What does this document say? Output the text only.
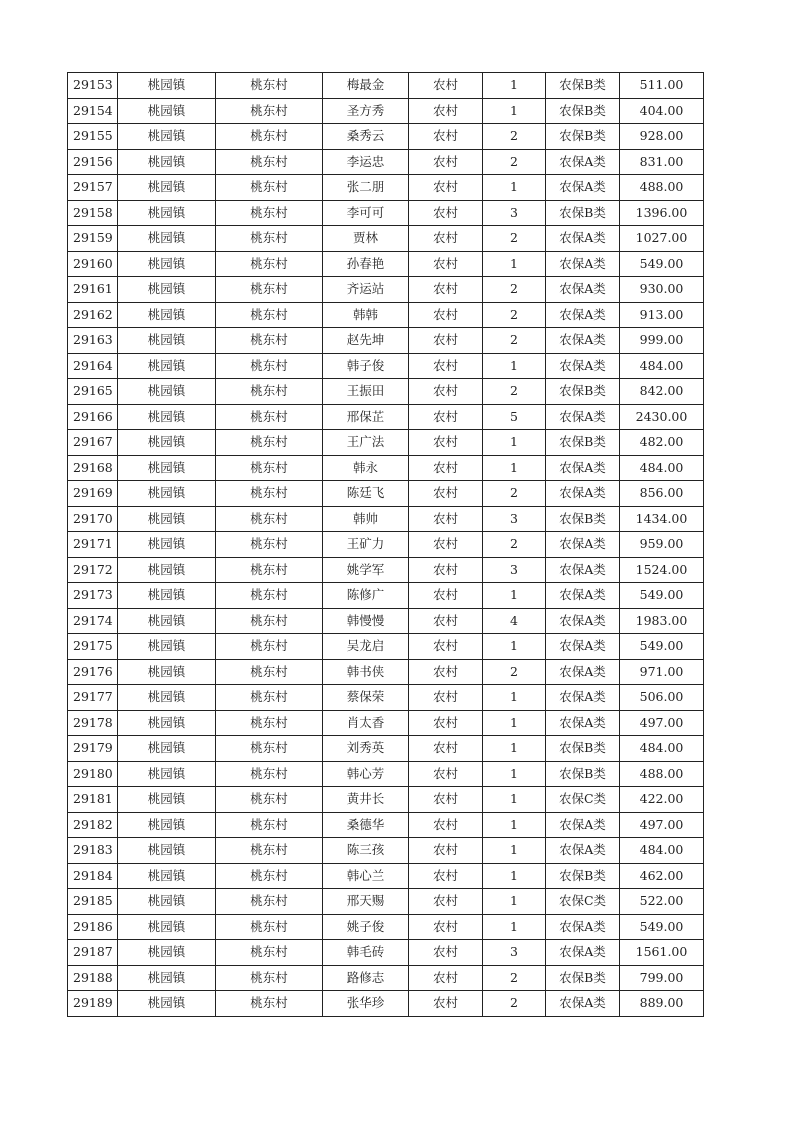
29153	桃园镇	桃东村	梅最金	农村	1	农保B类	511.00
29154	桃园镇	桃东村	圣方秀	农村	1	农保B类	404.00
29155	桃园镇	桃东村	桑秀云	农村	2	农保B类	928.00
29156	桃园镇	桃东村	李运忠	农村	2	农保A类	831.00
29157	桃园镇	桃东村	张二朋	农村	1	农保A类	488.00
29158	桃园镇	桃东村	李可可	农村	3	农保B类	1396.00
29159	桃园镇	桃东村	贾林	农村	2	农保A类	1027.00
29160	桃园镇	桃东村	孙春艳	农村	1	农保A类	549.00
29161	桃园镇	桃东村	齐运站	农村	2	农保A类	930.00
29162	桃园镇	桃东村	韩韩	农村	2	农保A类	913.00
29163	桃园镇	桃东村	赵先坤	农村	2	农保A类	999.00
29164	桃园镇	桃东村	韩子俊	农村	1	农保A类	484.00
29165	桃园镇	桃东村	王振田	农村	2	农保B类	842.00
29166	桃园镇	桃东村	邢保芷	农村	5	农保A类	2430.00
29167	桃园镇	桃东村	王广法	农村	1	农保B类	482.00
29168	桃园镇	桃东村	韩永	农村	1	农保A类	484.00
29169	桃园镇	桃东村	陈廷飞	农村	2	农保A类	856.00
29170	桃园镇	桃东村	韩帅	农村	3	农保B类	1434.00
29171	桃园镇	桃东村	王矿力	农村	2	农保A类	959.00
29172	桃园镇	桃东村	姚学军	农村	3	农保A类	1524.00
29173	桃园镇	桃东村	陈修广	农村	1	农保A类	549.00
29174	桃园镇	桃东村	韩慢慢	农村	4	农保A类	1983.00
29175	桃园镇	桃东村	吴龙启	农村	1	农保A类	549.00
29176	桃园镇	桃东村	韩书侠	农村	2	农保A类	971.00
29177	桃园镇	桃东村	蔡保荣	农村	1	农保A类	506.00
29178	桃园镇	桃东村	肖太香	农村	1	农保A类	497.00
29179	桃园镇	桃东村	刘秀英	农村	1	农保B类	484.00
29180	桃园镇	桃东村	韩心芳	农村	1	农保B类	488.00
29181	桃园镇	桃东村	黄井长	农村	1	农保C类	422.00
29182	桃园镇	桃东村	桑德华	农村	1	农保A类	497.00
29183	桃园镇	桃东村	陈三孩	农村	1	农保A类	484.00
29184	桃园镇	桃东村	韩心兰	农村	1	农保B类	462.00
29185	桃园镇	桃东村	邢天赐	农村	1	农保C类	522.00
29186	桃园镇	桃东村	姚子俊	农村	1	农保A类	549.00
29187	桃园镇	桃东村	韩毛砖	农村	3	农保A类	1561.00
29188	桃园镇	桃东村	路修志	农村	2	农保B类	799.00
29189	桃园镇	桃东村	张华珍	农村	2	农保A类	889.00
